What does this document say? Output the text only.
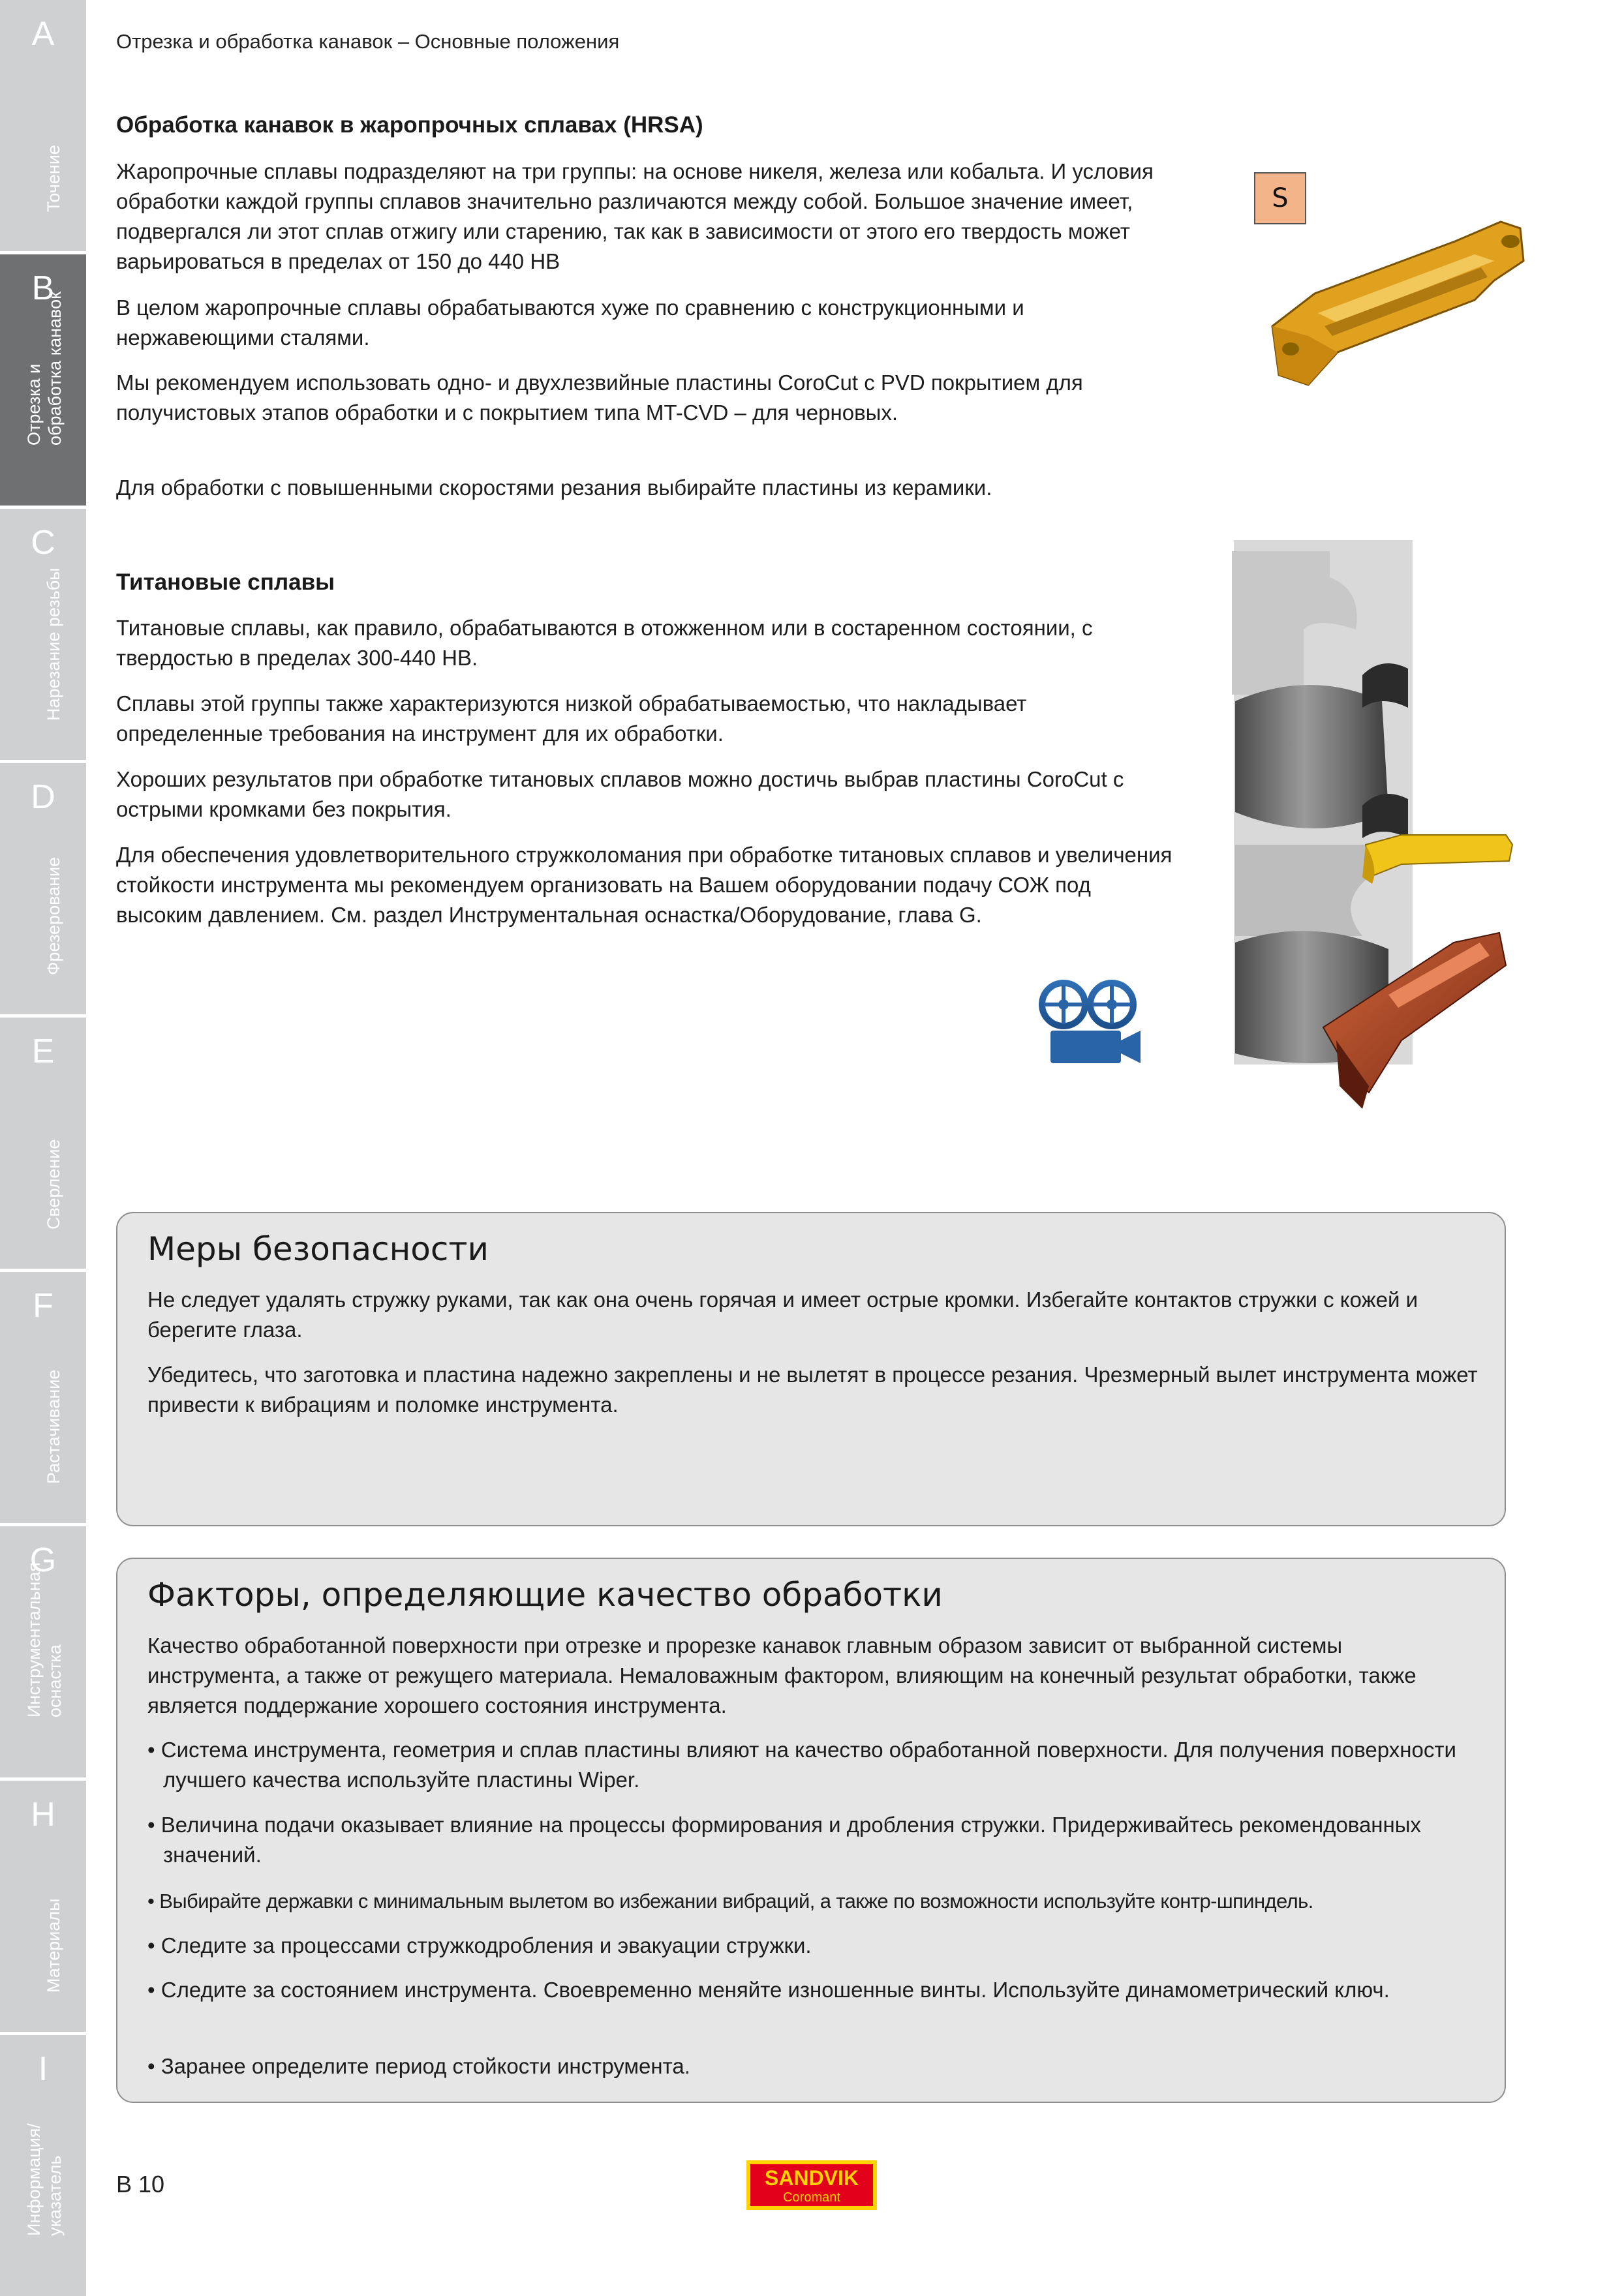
A
Точение
B
Отрезка и
обработка канавок
C
Нарезание резьбы
D
Фрезерование
E
Сверление
F
Растачивание
G
Инструментальная
оснастка
H
Материалы
I
Информация/
указатель
Отрезка и обработка канавок – Основные положения
Обработка канавок в жаропрочных сплавах (HRSA)

Жаропрочные сплавы подразделяют на три группы: на основе никеля, железа или кобальта. И условия обработки каждой группы сплавов значительно различаются между собой. Большое значение имеет, подвергался ли этот сплав отжигу или старению, так как в зависимости от этого его твердость может варьироваться в пределах от 150 до 440 HB

В целом жаропрочные сплавы обрабатываются хуже по сравнению с конструкционными и нержавеющими сталями.

Мы рекомендуем использовать одно- и двухлезвийные пластины CoroCut с PVD покрытием для получистовых этапов обработки и с покрытием типа MT-CVD – для черновых.

Для обработки с повышенными скоростями резания выбирайте пластины из керамики.

S
Титановые сплавы

Титановые сплавы, как правило, обрабатываются в отожженном или в состаренном состоянии, с твердостью в пределах 300-440 HB.

Сплавы этой группы также характеризуются низкой обрабатываемостью, что накладывает определенные требования на инструмент для их обработки.

Хороших результатов при обработке титановых сплавов можно достичь выбрав пластины CoroCut с острыми кромками без покрытия.

Для обеспечения удовлетворительного стружколомания при обработке титановых сплавов и увеличения стойкости инструмента мы рекомендуем организовать на Вашем оборудовании подачу СОЖ под высоким давлением. См. раздел Инструментальная оснастка/Оборудование, глава G.

Меры безопасности

Не следует удалять стружку руками, так как она очень горячая и имеет острые кромки. Избегайте контактов стружки с кожей и берегите глаза.

Убедитесь, что заготовка и пластина надежно закреплены и не вылетят в процессе резания. Чрезмерный вылет инструмента может привести к вибрациям и поломке инструмента.

Факторы, определяющие качество обработки

Качество обработанной поверхности при отрезке и прорезке канавок главным образом зависит от выбранной системы инструмента, а также от режущего материала. Немаловажным фактором, влияющим на конечный результат обработки, также является поддержание хорошего состояния инструмента.

• Система инструмента, геометрия и сплав пластины влияют на качество обработанной поверхности. Для получения поверхности лучшего качества используйте пластины Wiper.
• Величина подачи оказывает влияние на процессы формирования и дробления стружки. Придерживайтесь рекомендованных значений.
• Выбирайте державки с минимальным вылетом во избежании вибраций, а также по возможности используйте контр-шпиндель.
• Следите за процессами стружкодробления и эвакуации стружки.
• Следите за состоянием инструмента. Своевременно меняйте изношенные винты. Используйте динамометрический ключ.
• Заранее определите период стойкости инструмента.
B 10	SANDVIK
Coromant
